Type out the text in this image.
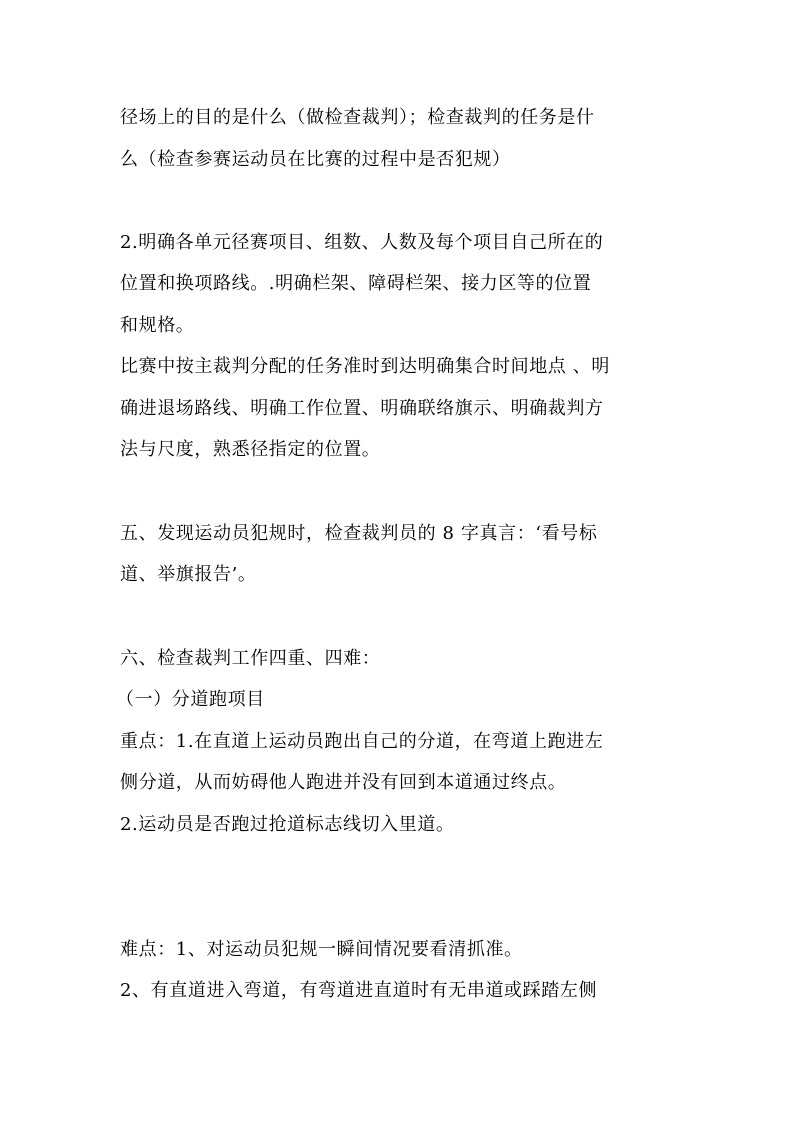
径场上的目的是什么（做检查裁判）；检查裁判的任务是什
么（检查参赛运动员在比赛的过程中是否犯规）
2.明确各单元径赛项目、组数、人数及每个项目自己所在的
位置和换项路线。.明确栏架、障碍栏架、接力区等的位置
和规格。
比赛中按主裁判分配的任务准时到达明确集合时间地点 、明
确进退场路线、明确工作位置、明确联络旗示、明确裁判方
法与尺度，熟悉径指定的位置。
五、发现运动员犯规时，检查裁判员的 8 字真言：‘看号标
道、举旗报告’。
六、检查裁判工作四重、四难：
（一）分道跑项目
重点：1.在直道上运动员跑出自己的分道，在弯道上跑进左
侧分道，从而妨碍他人跑进并没有回到本道通过终点。
2.运动员是否跑过抢道标志线切入里道。
难点：1、对运动员犯规一瞬间情况要看清抓准。
2、有直道进入弯道，有弯道进直道时有无串道或踩踏左侧
